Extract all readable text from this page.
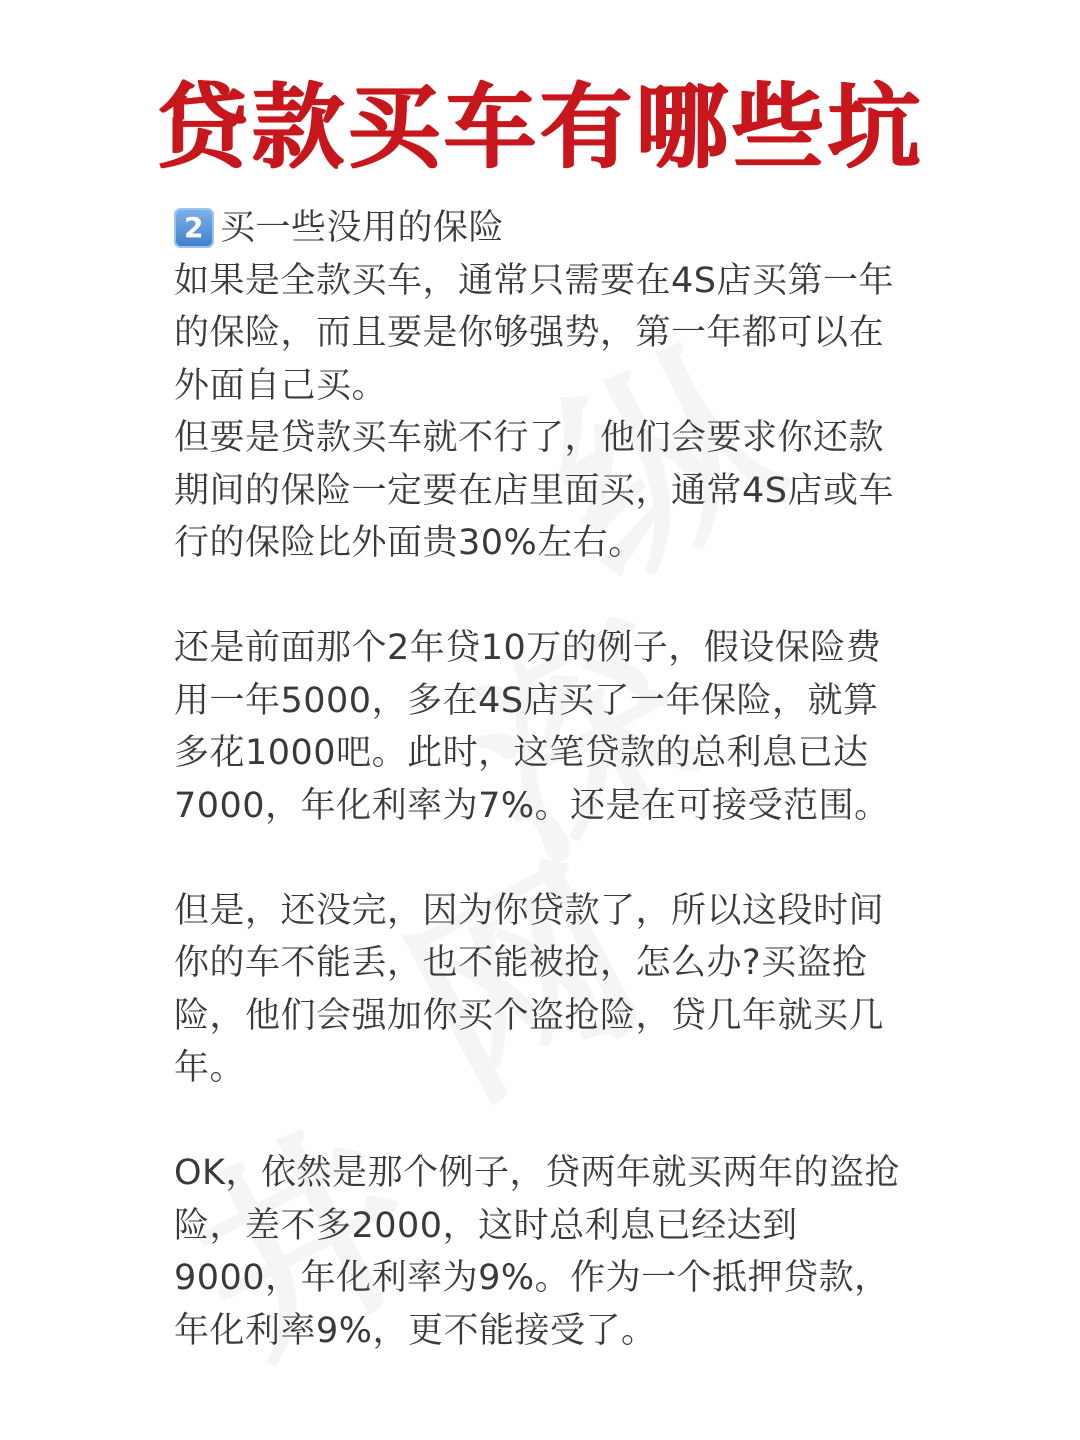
贷款买车有哪些坑
2 买一些没用的保险

如果是全款买车，通常只需要在4S店买第一年的保险，而且要是你够强势，第一年都可以在外面自己买。

但要是贷款买车就不行了，他们会要求你还款期间的保险一定要在店里面买，通常4S店或车行的保险比外面贵30%左右。

还是前面那个2年贷10万的例子，假设保险费用一年5000，多在4S店买了一年保险，就算多花1000吧。此时，这笔贷款的总利息已达7000，年化利率为7%。还是在可接受范围。

但是，还没完，因为你贷款了，所以这段时间你的车不能丢，也不能被抢，怎么办?买盗抢险，他们会强加你买个盗抢险，贷几年就买几年。

OK，依然是那个例子，贷两年就买两年的盗抢险，差不多2000，这时总利息已经达到9000，年化利率为9%。作为一个抵押贷款，年化利率9%，更不能接受了。
